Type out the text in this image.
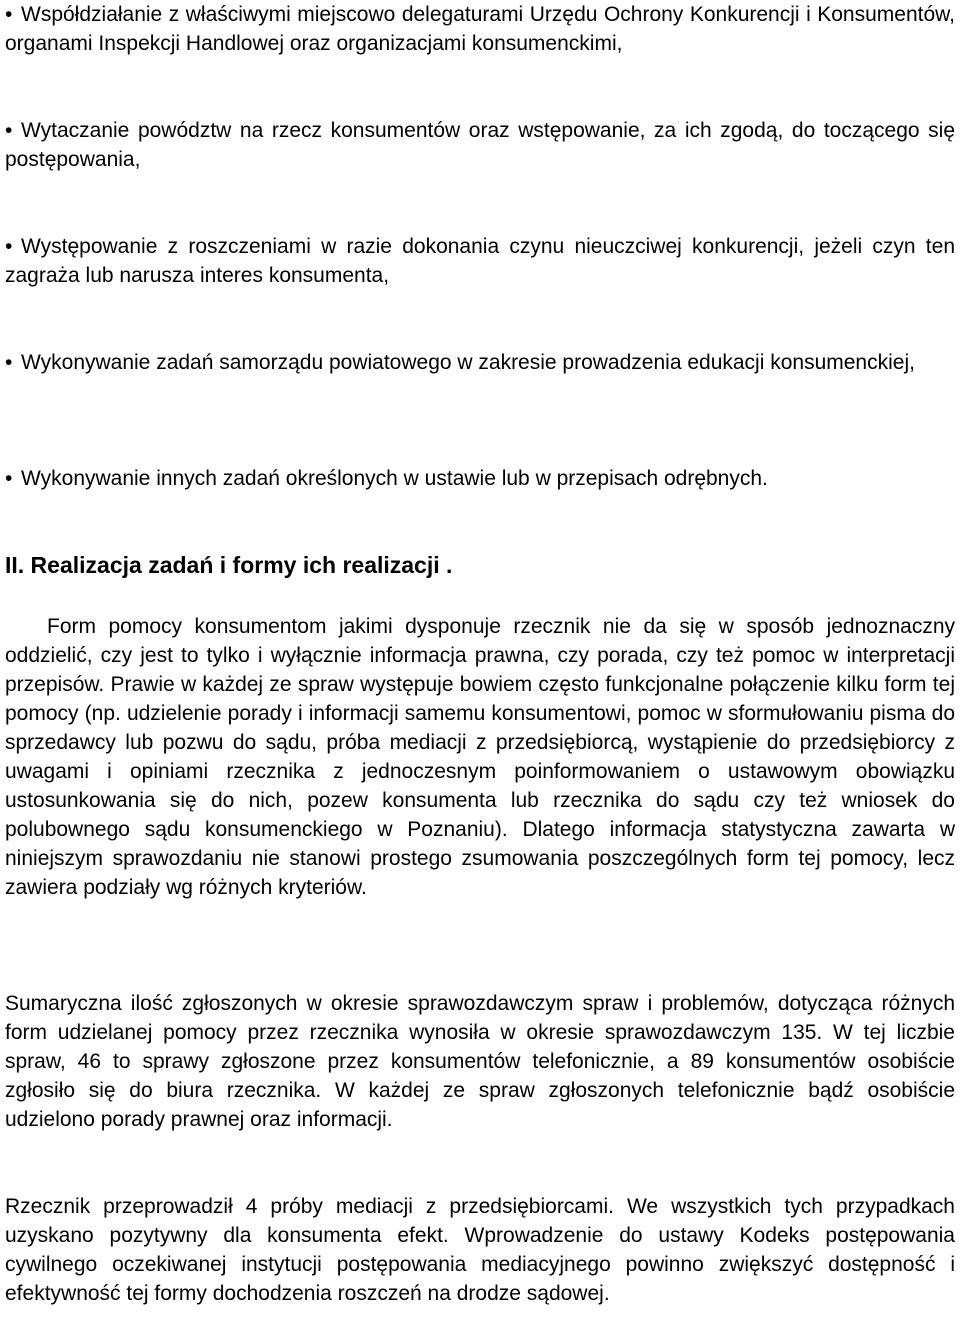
• Współdziałanie z właściwymi miejscowo delegaturami Urzędu Ochrony Konkurencji i Konsumentów, organami Inspekcji Handlowej oraz organizacjami konsumenckimi,
• Wytaczanie powództw na rzecz konsumentów oraz wstępowanie, za ich zgodą, do toczącego się postępowania,
• Występowanie z roszczeniami w razie dokonania czynu nieuczciwej konkurencji, jeżeli czyn ten zagraża lub narusza interes konsumenta,
• Wykonywanie zadań samorządu powiatowego w zakresie prowadzenia edukacji konsumenckiej,
• Wykonywanie innych zadań określonych w ustawie lub w przepisach odrębnych.
II. Realizacja zadań i formy ich realizacji .

Form pomocy konsumentom jakimi dysponuje rzecznik nie da się w sposób jednoznaczny oddzielić, czy jest to tylko i wyłącznie informacja prawna, czy porada, czy też pomoc w interpretacji przepisów. Prawie w każdej ze spraw występuje bowiem często funkcjonalne połączenie kilku form tej pomocy (np. udzielenie porady i informacji samemu konsumentowi, pomoc w sformułowaniu pisma do sprzedawcy lub pozwu do sądu, próba mediacji z przedsiębiorcą, wystąpienie do przedsiębiorcy z uwagami i opiniami rzecznika z jednoczesnym poinformowaniem o ustawowym obowiązku ustosunkowania się do nich, pozew konsumenta lub rzecznika do sądu czy też wniosek do polubownego sądu konsumenckiego w Poznaniu). Dlatego informacja statystyczna zawarta w niniejszym sprawozdaniu nie stanowi prostego zsumowania poszczególnych form tej pomocy, lecz zawiera podziały wg różnych kryteriów.

Sumaryczna ilość zgłoszonych w okresie sprawozdawczym spraw i problemów, dotycząca różnych form udzielanej pomocy przez rzecznika wynosiła w okresie sprawozdawczym 135. W tej liczbie spraw, 46 to sprawy zgłoszone przez konsumentów telefonicznie, a 89 konsumentów osobiście zgłosiło się do biura rzecznika. W każdej ze spraw zgłoszonych telefonicznie bądź osobiście udzielono porady prawnej oraz informacji.

Rzecznik przeprowadził 4 próby mediacji z przedsiębiorcami. We wszystkich tych przypadkach uzyskano pozytywny dla konsumenta efekt. Wprowadzenie do ustawy Kodeks postępowania cywilnego oczekiwanej instytucji postępowania mediacyjnego powinno zwiększyć dostępność i efektywność tej formy dochodzenia roszczeń na drodze sądowej.
